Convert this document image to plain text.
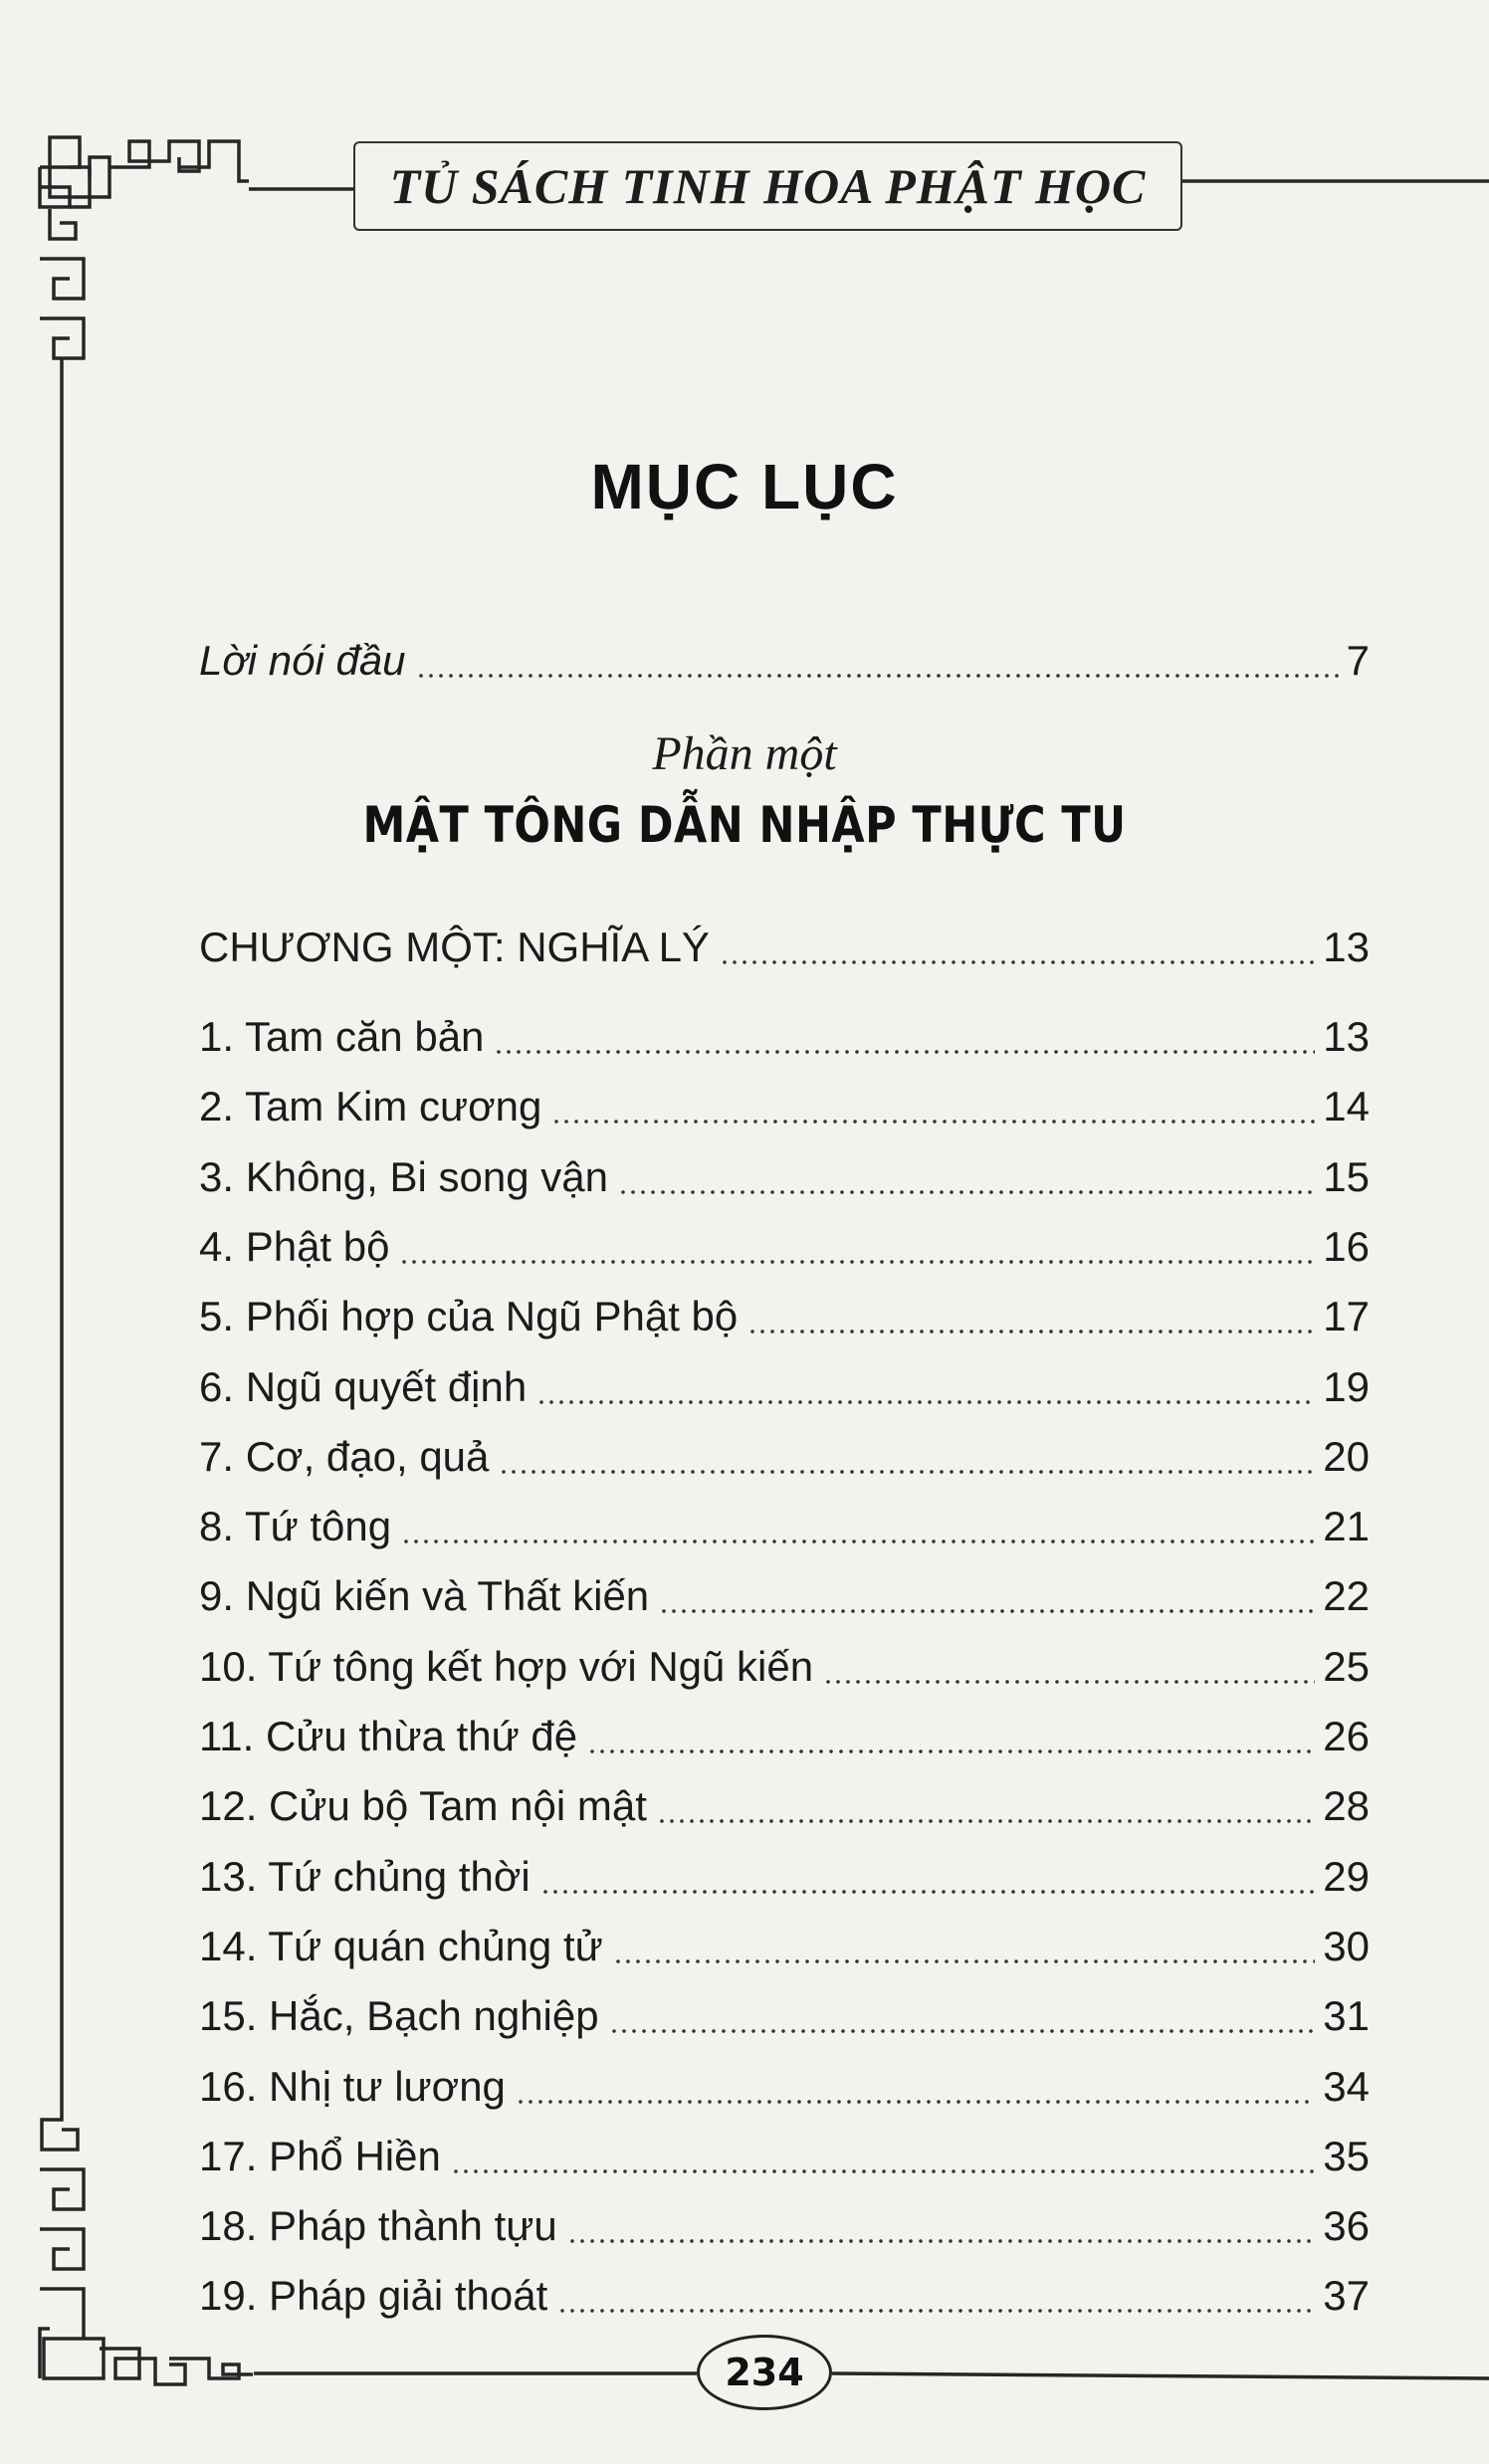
TỦ SÁCH TINH HOA PHẬT HỌC
MỤC LỤC
Lời nói đầu	7
Phần một
MẬT TÔNG DẪN NHẬP THỰC TU
CHƯƠNG MỘT: NGHĨA LÝ	13
1. Tam căn bản	13
2. Tam Kim cương	14
3. Không, Bi song vận	15
4. Phật bộ	16
5. Phối hợp của Ngũ Phật bộ	17
6. Ngũ quyết định	19
7. Cơ, đạo, quả	20
8. Tứ tông	21
9. Ngũ kiến và Thất kiến	22
10. Tứ tông kết hợp với Ngũ kiến	25
11. Cửu thừa thứ đệ	26
12. Cửu bộ Tam nội mật	28
13. Tứ chủng thời	29
14. Tứ quán chủng tử	30
15. Hắc, Bạch nghiệp	31
16. Nhị tư lương	34
17. Phổ Hiền	35
18. Pháp thành tựu	36
19. Pháp giải thoát	37
234
